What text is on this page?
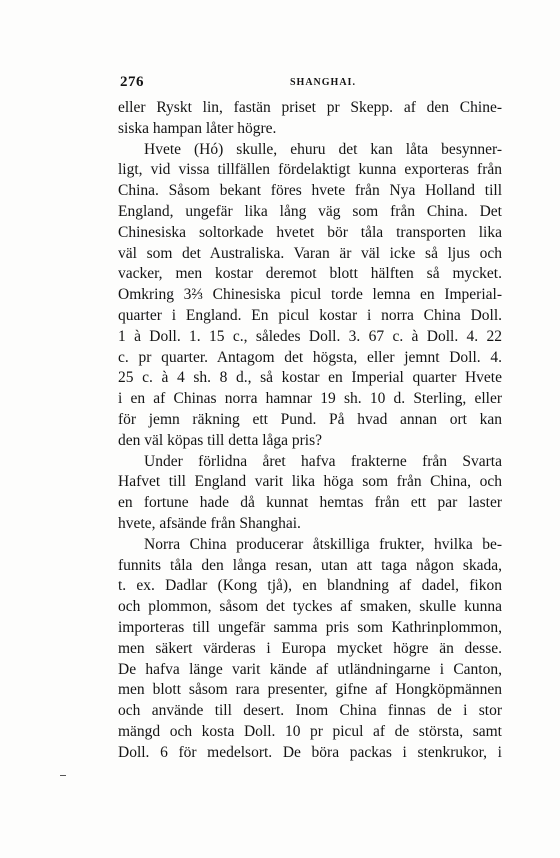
276	SHANGHAI.
eller Ryskt lin, fastän priset pr Skepp. af den Chine-
siska hampan låter högre.
Hvete (Hó) skulle, ehuru det kan låta besynner-
ligt, vid vissa tillfällen fördelaktigt kunna exporteras från
China. Såsom bekant föres hvete från Nya Holland till
England, ungefär lika lång väg som från China. Det
Chinesiska soltorkade hvetet bör tåla transporten lika
väl som det Australiska. Varan är väl icke så ljus och
vacker, men kostar deremot blott hälften så mycket.
Omkring 3⅔ Chinesiska picul torde lemna en Imperial-
quarter i England. En picul kostar i norra China Doll.
1 à Doll. 1. 15 c., således Doll. 3. 67 c. à Doll. 4. 22
c. pr quarter. Antagom det högsta, eller jemnt Doll. 4.
25 c. à 4 sh. 8 d., så kostar en Imperial quarter Hvete
i en af Chinas norra hamnar 19 sh. 10 d. Sterling, eller
för jemn räkning ett Pund. På hvad annan ort kan
den väl köpas till detta låga pris?
Under förlidna året hafva frakterne från Svarta
Hafvet till England varit lika höga som från China, och
en fortune hade då kunnat hemtas från ett par laster
hvete, afsände från Shanghai.
Norra China producerar åtskilliga frukter, hvilka be-
funnits tåla den långa resan, utan att taga någon skada,
t. ex. Dadlar (Kong tjå), en blandning af dadel, fikon
och plommon, såsom det tyckes af smaken, skulle kunna
importeras till ungefär samma pris som Kathrinplommon,
men säkert värderas i Europa mycket högre än desse.
De hafva länge varit kände af utländningarne i Canton,
men blott såsom rara presenter, gifne af Hongköpmännen
och använde till desert. Inom China finnas de i stor
mängd och kosta Doll. 10 pr picul af de största, samt
Doll. 6 för medelsort. De böra packas i stenkrukor, i
